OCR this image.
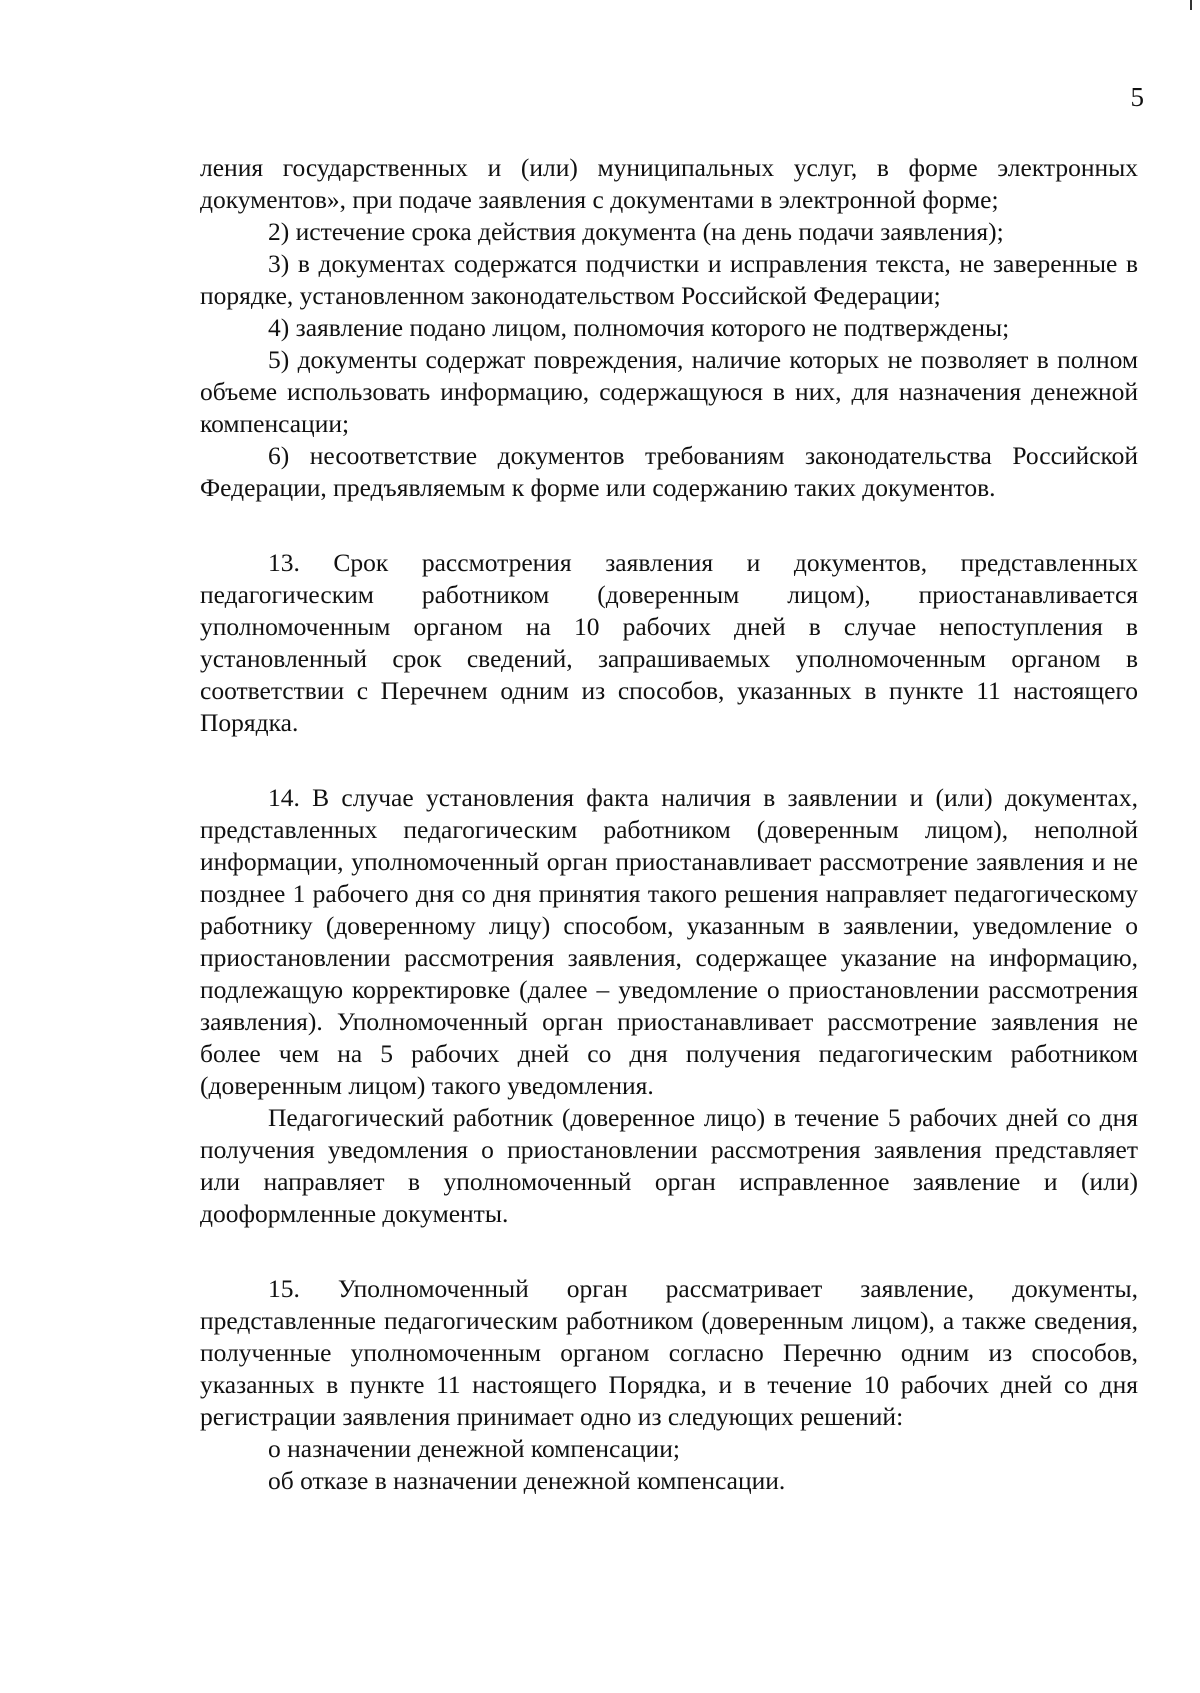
5

ления государственных и (или) муниципальных услуг, в форме электронных документов», при подаче заявления с документами в электронной форме;

2) истечение срока действия документа (на день подачи заявления);

3) в документах содержатся подчистки и исправления текста, не заверенные в порядке, установленном законодательством Российской Федерации;

4) заявление подано лицом, полномочия которого не подтверждены;

5) документы содержат повреждения, наличие которых не позволяет в полном объеме использовать информацию, содержащуюся в них, для назначения денежной компенсации;

6) несоответствие документов требованиям законодательства Российской Федерации, предъявляемым к форме или содержанию таких документов.

13. Срок рассмотрения заявления и документов, представленных педагогическим работником (доверенным лицом), приостанавливается уполномоченным органом на 10 рабочих дней в случае непоступления в установленный срок сведений, запрашиваемых уполномоченным органом в соответствии с Перечнем одним из способов, указанных в пункте 11 настоящего Порядка.

14. В случае установления факта наличия в заявлении и (или) документах, представленных педагогическим работником (доверенным лицом), неполной информации, уполномоченный орган приостанавливает рассмотрение заявления и не позднее 1 рабочего дня со дня принятия такого решения направляет педагогическому работнику (доверенному лицу) способом, указанным в заявлении, уведомление о приостановлении рассмотрения заявления, содержащее указание на информацию, подлежащую корректировке (далее – уведомление о приостановлении рассмотрения заявления). Уполномоченный орган приостанавливает рассмотрение заявления не более чем на 5 рабочих дней со дня получения педагогическим работником (доверенным лицом) такого уведомления.

Педагогический работник (доверенное лицо) в течение 5 рабочих дней со дня получения уведомления о приостановлении рассмотрения заявления представляет или направляет в уполномоченный орган исправленное заявление и (или) дооформленные документы.

15. Уполномоченный орган рассматривает заявление, документы, представленные педагогическим работником (доверенным лицом), а также сведения, полученные уполномоченным органом согласно Перечню одним из способов, указанных в пункте 11 настоящего Порядка, и в течение 10 рабочих дней со дня регистрации заявления принимает одно из следующих решений:

о назначении денежной компенсации;

об отказе в назначении денежной компенсации.
